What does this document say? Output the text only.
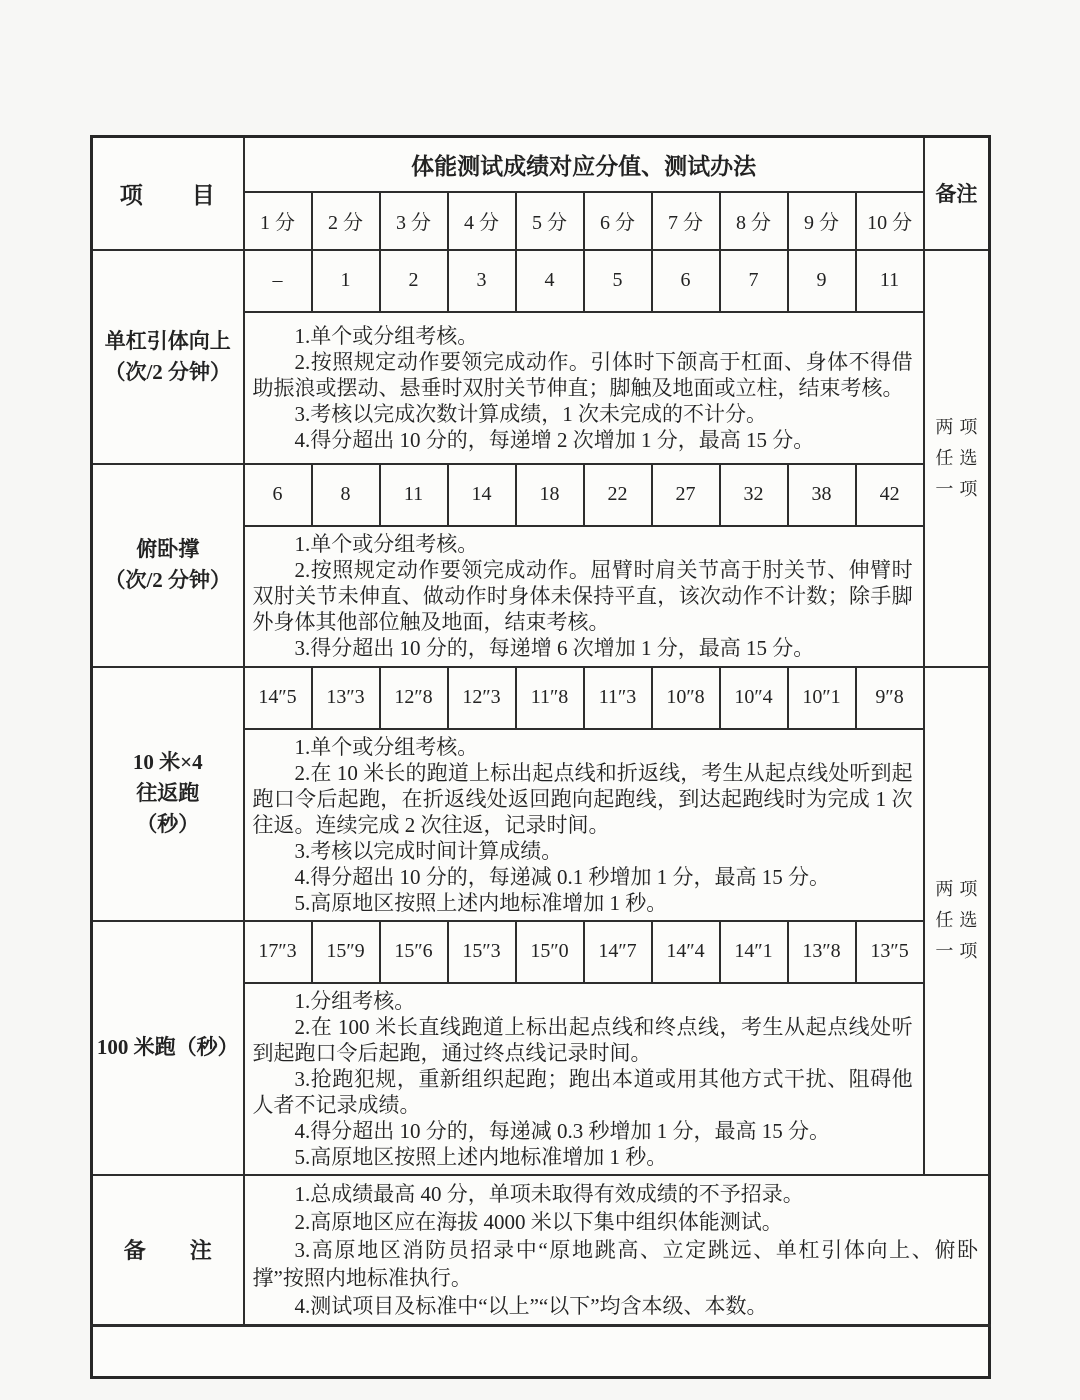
项　　目	体能测试成绩对应分值、测试办法										备注
	1 分	2 分	3 分	4 分	5 分	6 分	7 分	8 分	9 分	10 分	

单杠引体向上
（次/2 分钟）	–	1	2	3	4	5	6	7	9	11	两项任选一项

	1.单个或分组考核。
2.按照规定动作要领完成动作。引体时下颌高于杠面、身体不得借助振浪或摆动、悬垂时双肘关节伸直；脚触及地面或立柱，结束考核。
3.考核以完成次数计算成绩，1 次未完成的不计分。
4.得分超出 10 分的，每递增 2 次增加 1 分，最高 15 分。										

俯卧撑
（次/2 分钟）	6	8	11	14	18	22	27	32	38	42	

	1.单个或分组考核。
2.按照规定动作要领完成动作。屈臂时肩关节高于肘关节、伸臂时双肘关节未伸直、做动作时身体未保持平直，该次动作不计数；除手脚外身体其他部位触及地面，结束考核。
3.得分超出 10 分的，每递增 6 次增加 1 分，最高 15 分。										

10 米×4
往返跑
（秒）	14″5	13″3	12″8	12″3	11″8	11″3	10″8	10″4	10″1	9″8	两项任选一项

	1.单个或分组考核。
2.在 10 米长的跑道上标出起点线和折返线，考生从起点线处听到起跑口令后起跑，在折返线处返回跑向起跑线，到达起跑线时为完成 1 次往返。连续完成 2 次往返，记录时间。
3.考核以完成时间计算成绩。
4.得分超出 10 分的，每递减 0.1 秒增加 1 分，最高 15 分。
5.高原地区按照上述内地标准增加 1 秒。										

100 米跑（秒）	17″3	15″9	15″6	15″3	15″0	14″7	14″4	14″1	13″8	13″5	

	1.分组考核。
2.在 100 米长直线跑道上标出起点线和终点线，考生从起点线处听到起跑口令后起跑，通过终点线记录时间。
3.抢跑犯规，重新组织起跑；跑出本道或用其他方式干扰、阻碍他人者不记录成绩。
4.得分超出 10 分的，每递减 0.3 秒增加 1 分，最高 15 分。
5.高原地区按照上述内地标准增加 1 秒。										

备　　注	1.总成绩最高 40 分，单项未取得有效成绩的不予招录。
2.高原地区应在海拔 4000 米以下集中组织体能测试。
3.高原地区消防员招录中“原地跳高、立定跳远、单杠引体向上、俯卧撑”按照内地标准执行。
4.测试项目及标准中“以上”“以下”均含本级、本数。										
